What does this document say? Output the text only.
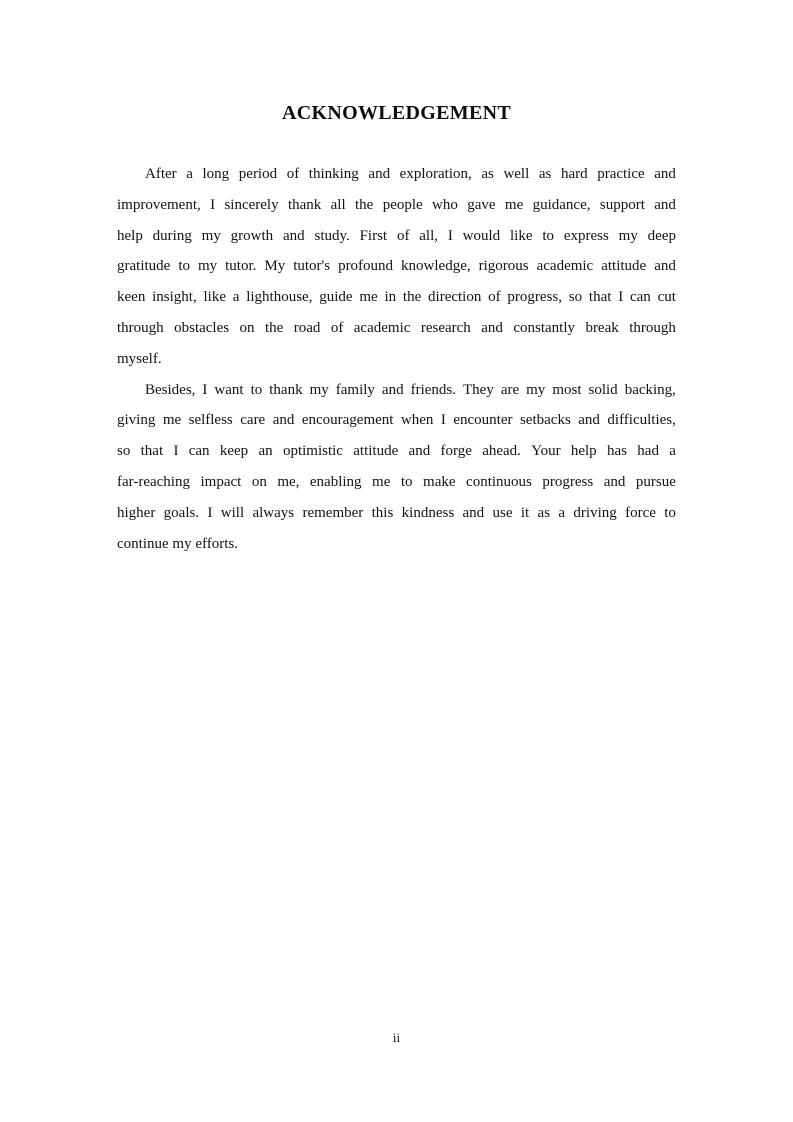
ACKNOWLEDGEMENT
After a long period of thinking and exploration, as well as hard practice and
improvement, I sincerely thank all the people who gave me guidance, support and
help during my growth and study. First of all, I would like to express my deep
gratitude to my tutor. My tutor's profound knowledge, rigorous academic attitude and
keen insight, like a lighthouse, guide me in the direction of progress, so that I can cut
through obstacles on the road of academic research and constantly break through
myself.
Besides, I want to thank my family and friends. They are my most solid backing,
giving me selfless care and encouragement when I encounter setbacks and difficulties,
so that I can keep an optimistic attitude and forge ahead. Your help has had a
far-reaching impact on me, enabling me to make continuous progress and pursue
higher goals. I will always remember this kindness and use it as a driving force to
continue my efforts.
ii
